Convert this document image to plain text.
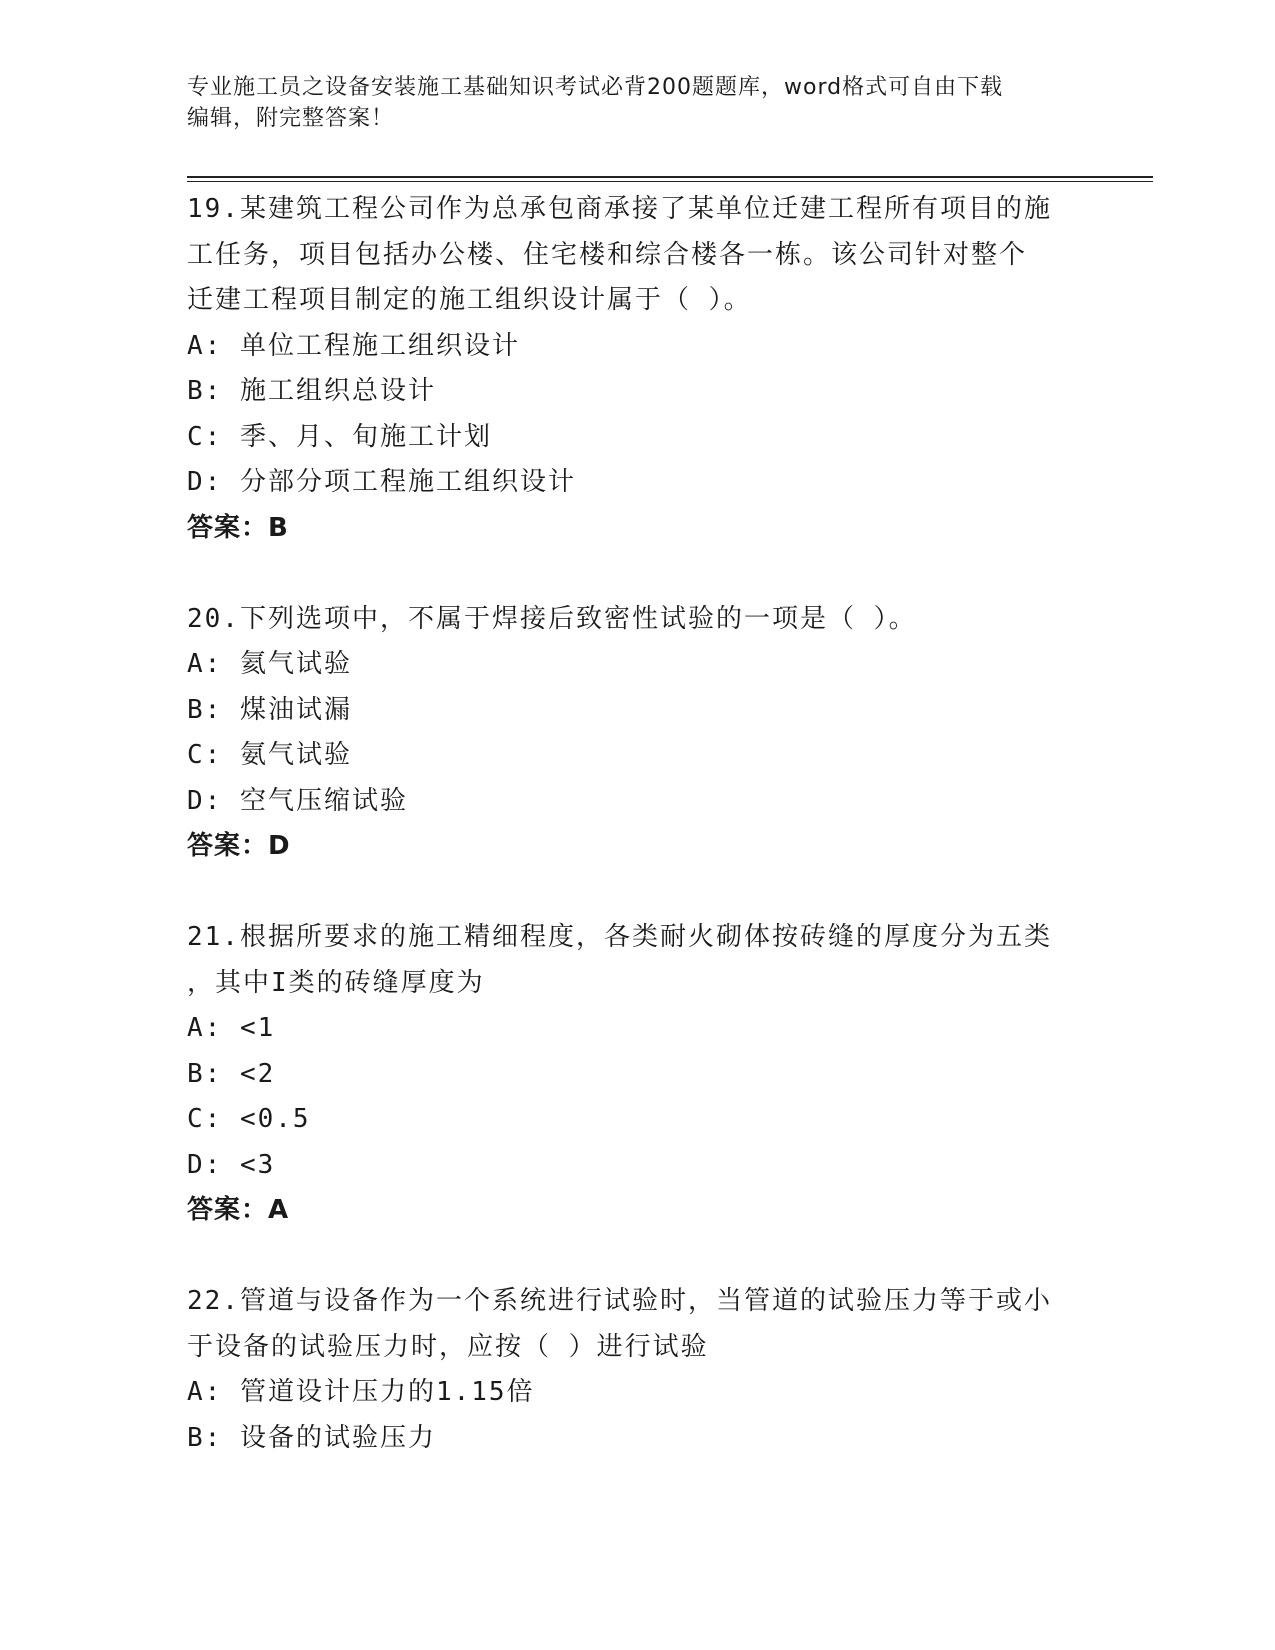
专业施工员之设备安装施工基础知识考试必背200题题库，word格式可自由下载
编辑，附完整答案！

19.某建筑工程公司作为总承包商承接了某单位迁建工程所有项目的施

工任务，项目包括办公楼、住宅楼和综合楼各一栋。该公司针对整个

迁建工程项目制定的施工组织设计属于（ ）。

A: 单位工程施工组织设计

B: 施工组织总设计

C: 季、月、旬施工计划

D: 分部分项工程施工组织设计

答案：B

20.下列选项中，不属于焊接后致密性试验的一项是（ ）。

A: 氦气试验

B: 煤油试漏

C: 氨气试验

D: 空气压缩试验

答案：D

21.根据所要求的施工精细程度，各类耐火砌体按砖缝的厚度分为五类

，其中I类的砖缝厚度为

A: <1

B: <2

C: <0.5

D: <3

答案：A

22.管道与设备作为一个系统进行试验时，当管道的试验压力等于或小

于设备的试验压力时，应按（ ）进行试验

A: 管道设计压力的1.15倍

B: 设备的试验压力
